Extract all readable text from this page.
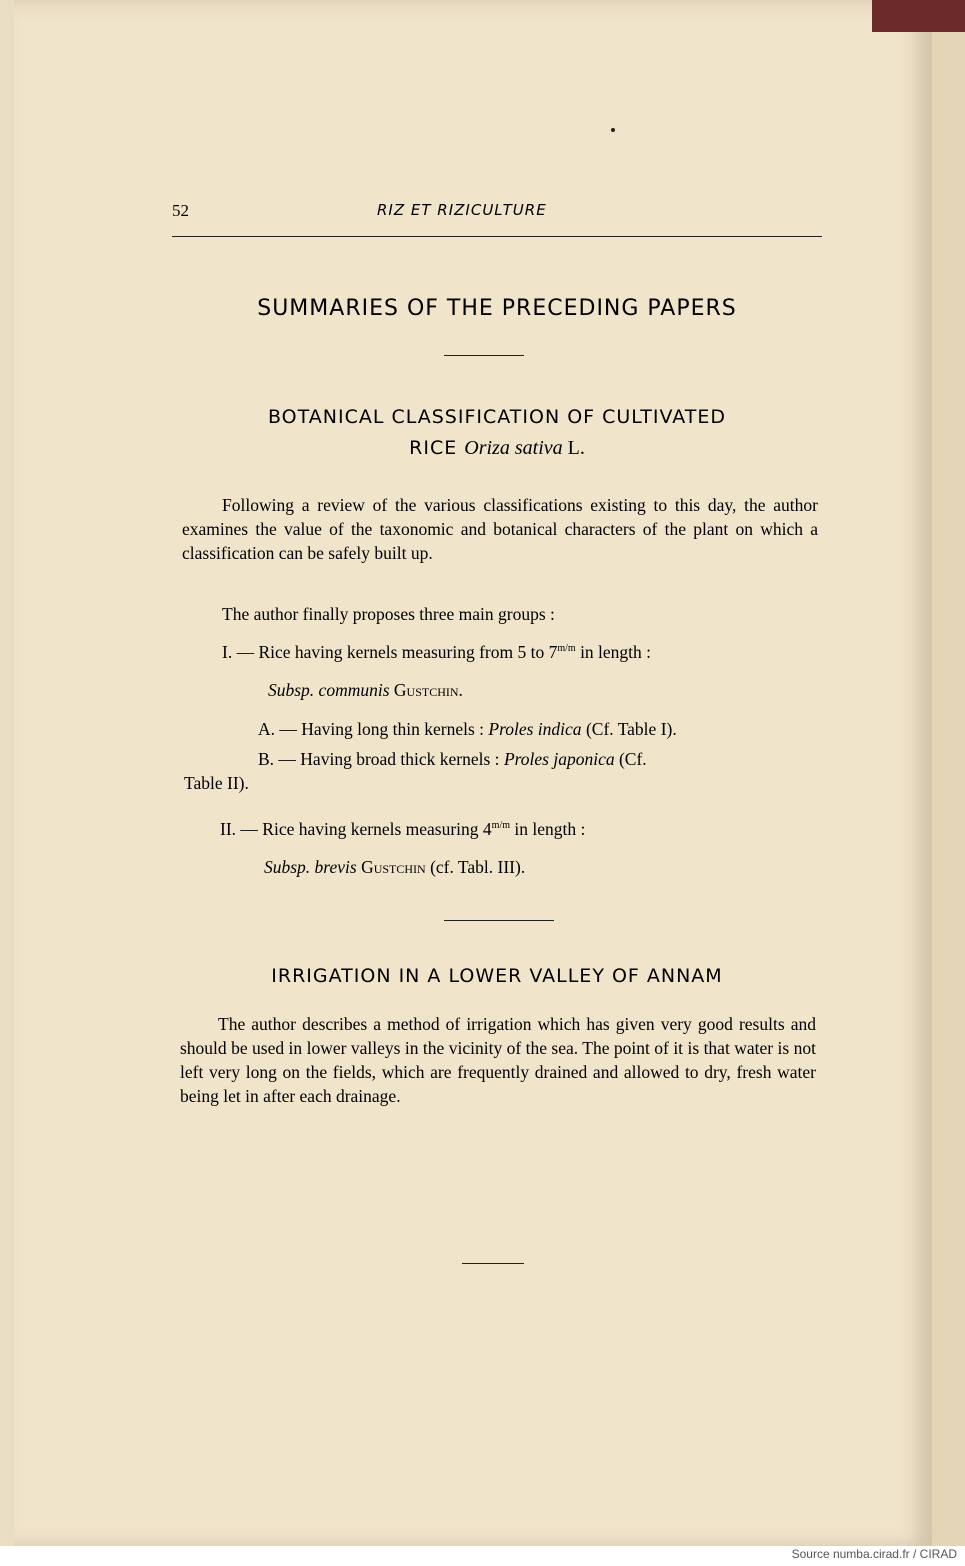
Source numba.cirad.fr / CIRAD
52	RIZ ET RIZICULTURE
SUMMARIES OF THE PRECEDING PAPERS
BOTANICAL CLASSIFICATION OF CULTIVATED
RICE Oriza sativa L.
Following a review of the various classifications existing to this day, the author examines the value of the taxonomic and botanical characters of the plant on which a classification can be safely built up.
The author finally proposes three main groups :
I. — Rice having kernels measuring from 5 to $7^{m/m}$ in length :
Subsp. communis Gustchin.
A. — Having long thin kernels : Proles indica (Cf. Table I).
B. — Having broad thick kernels : Proles japonica (Cf.
Table II).
II. — Rice having kernels measuring $4^{m/m}$ in length :
Subsp. brevis Gustchin (cf. Tabl. III).
IRRIGATION IN A LOWER VALLEY OF ANNAM
The author describes a method of irrigation which has given very good results and should be used in lower valleys in the vicinity of the sea. The point of it is that water is not left very long on the fields, which are frequently drained and allowed to dry, fresh water being let in after each drainage.
